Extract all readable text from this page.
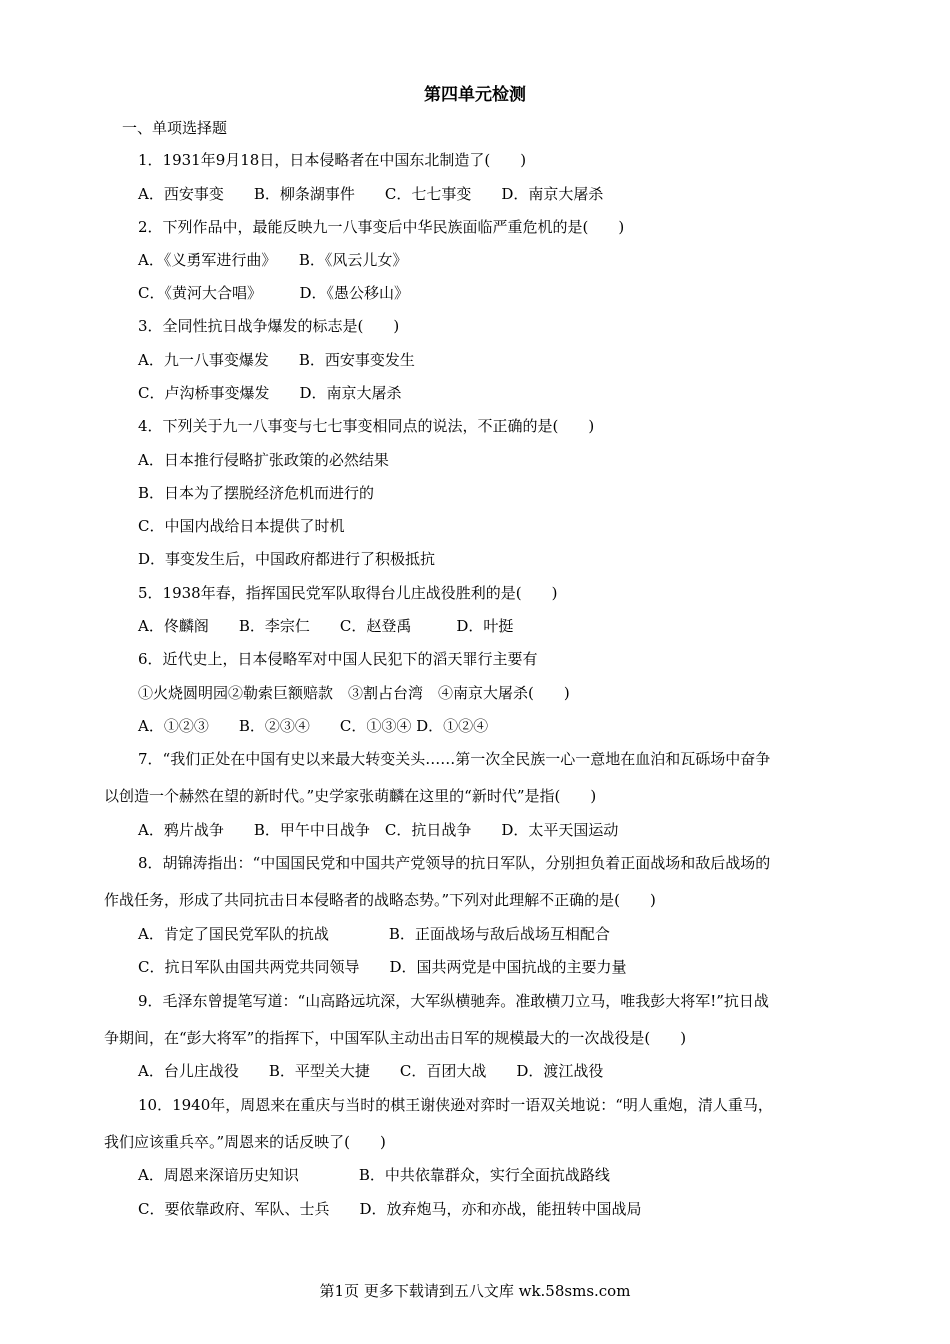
第四单元检测
一、单项选择题
1．1931年9月18日，日本侵略者在中国东北制造了(　　)
A．西安事变　　B．柳条湖事件　　C．七七事变　　D．南京大屠杀
2．下列作品中，最能反映九一八事变后中华民族面临严重危机的是(　　)
A．《义勇军进行曲》　　B．《风云儿女》
C．《黄河大合唱》　　　D．《愚公移山》
3．全同性抗日战争爆发的标志是(　　)
A．九一八事变爆发　　B．西安事变发生
C．卢沟桥事变爆发　　D．南京大屠杀
4．下列关于九一八事变与七七事变相同点的说法，不正确的是(　　)
A．日本推行侵略扩张政策的必然结果
B．日本为了摆脱经济危机而进行的
C．中国内战给日本提供了时机
D．事变发生后，中国政府都进行了积极抵抗
5．1938年春，指挥国民党军队取得台儿庄战役胜利的是(　　)
A．佟麟阁　　B．李宗仁　　C．赵登禹　　　D．叶挺
6．近代史上，日本侵略军对中国人民犯下的滔天罪行主要有
①火烧圆明园②勒索巨额赔款　③割占台湾　④南京大屠杀(　　)
A．①②③　　B．②③④　　C．①③④ D．①②④
7．“我们正处在中国有史以来最大转变关头……第一次全民族一心一意地在血泊和瓦砾场中奋争
以创造一个赫然在望的新时代。”史学家张萌麟在这里的“新时代”是指(　　)
A．鸦片战争　　B．甲午中日战争　C．抗日战争　　D．太平天国运动
8．胡锦涛指出：“中国国民党和中国共产党领导的抗日军队，分别担负着正面战场和敌后战场的
作战任务，形成了共同抗击日本侵略者的战略态势。”下列对此理解不正确的是(　　)
A．肯定了国民党军队的抗战　　　　B．正面战场与敌后战场互相配合
C．抗日军队由国共两党共同领导　　D．国共两党是中国抗战的主要力量
9．毛泽东曾提笔写道：“山高路远坑深，大军纵横驰奔。准敢横刀立马，唯我彭大将军!”抗日战
争期间，在“彭大将军”的指挥下，中国军队主动出击日军的规模最大的一次战役是(　　)
A．台儿庄战役　　B．平型关大捷　　C．百团大战　　D．渡江战役
10．1940年，周恩来在重庆与当时的棋王谢侠逊对弈时一语双关地说：“明人重炮，清人重马，
我们应该重兵卒。”周恩来的话反映了(　　)
A．周恩来深谙历史知识　　　　B．中共依靠群众，实行全面抗战路线
C．要依靠政府、军队、士兵　　D．放弃炮马，亦和亦战，能扭转中国战局
第1页 更多下载请到五八文库 wk.58sms.com
